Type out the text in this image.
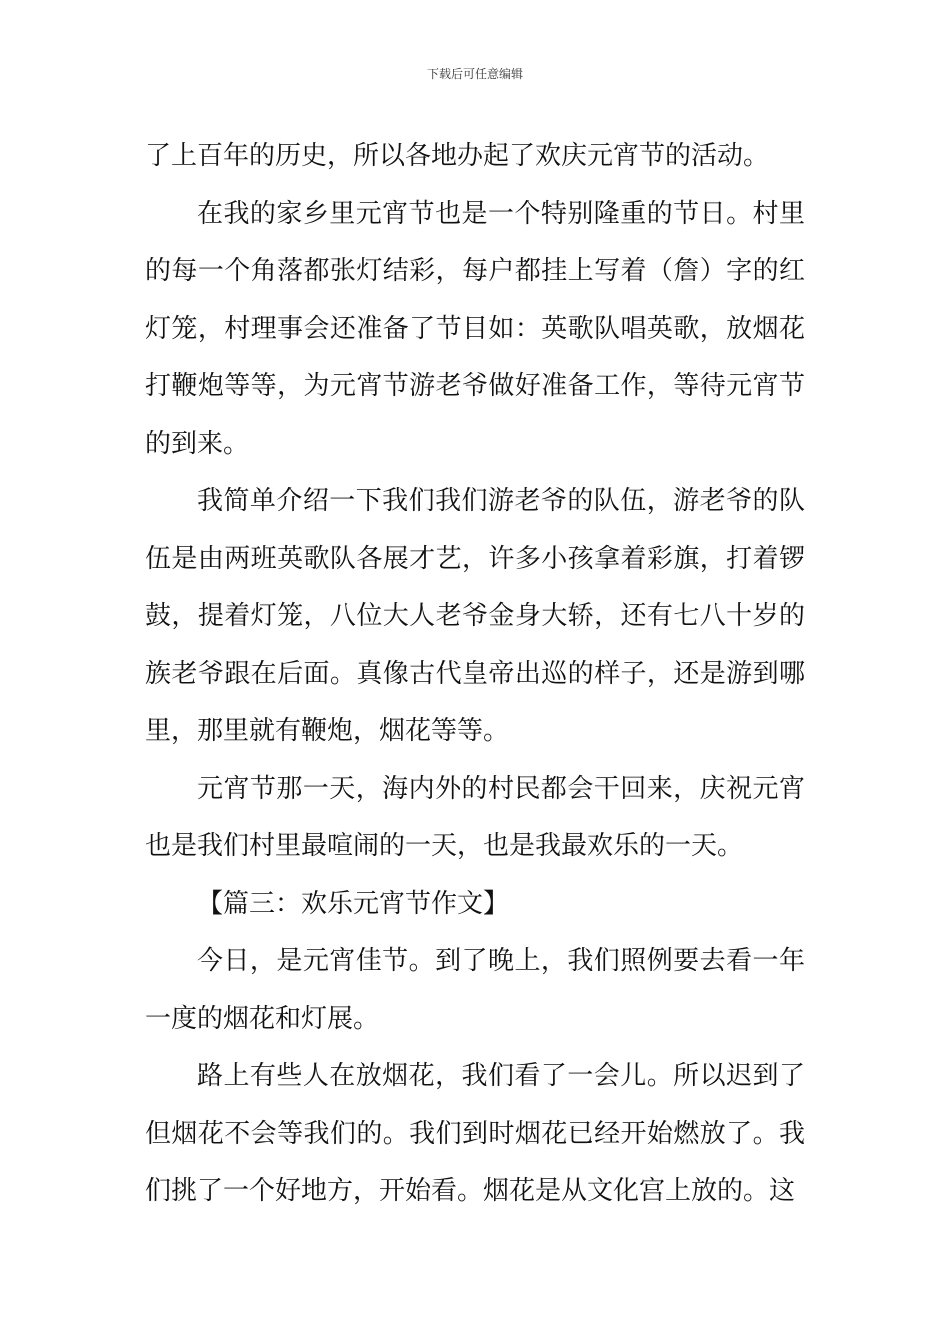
下载后可任意编辑

了上百年的历史，所以各地办起了欢庆元宵节的活动。

在我的家乡里元宵节也是一个特别隆重的节日。村里的每一个角落都张灯结彩，每户都挂上写着（詹）字的红灯笼，村理事会还准备了节目如：英歌队唱英歌，放烟花打鞭炮等等，为元宵节游老爷做好准备工作，等待元宵节的到来。

我简单介绍一下我们我们游老爷的队伍，游老爷的队伍是由两班英歌队各展才艺，许多小孩拿着彩旗，打着锣鼓，提着灯笼，八位大人老爷金身大轿，还有七八十岁的族老爷跟在后面。真像古代皇帝出巡的样子，还是游到哪里，那里就有鞭炮，烟花等等。

元宵节那一天，海内外的村民都会干回来，庆祝元宵也是我们村里最喧闹的一天，也是我最欢乐的一天。

【篇三：欢乐元宵节作文】

今日，是元宵佳节。到了晚上，我们照例要去看一年一度的烟花和灯展。

路上有些人在放烟花，我们看了一会儿。所以迟到了但烟花不会等我们的。我们到时烟花已经开始燃放了。我们挑了一个好地方，开始看。烟花是从文化宫上放的。这
